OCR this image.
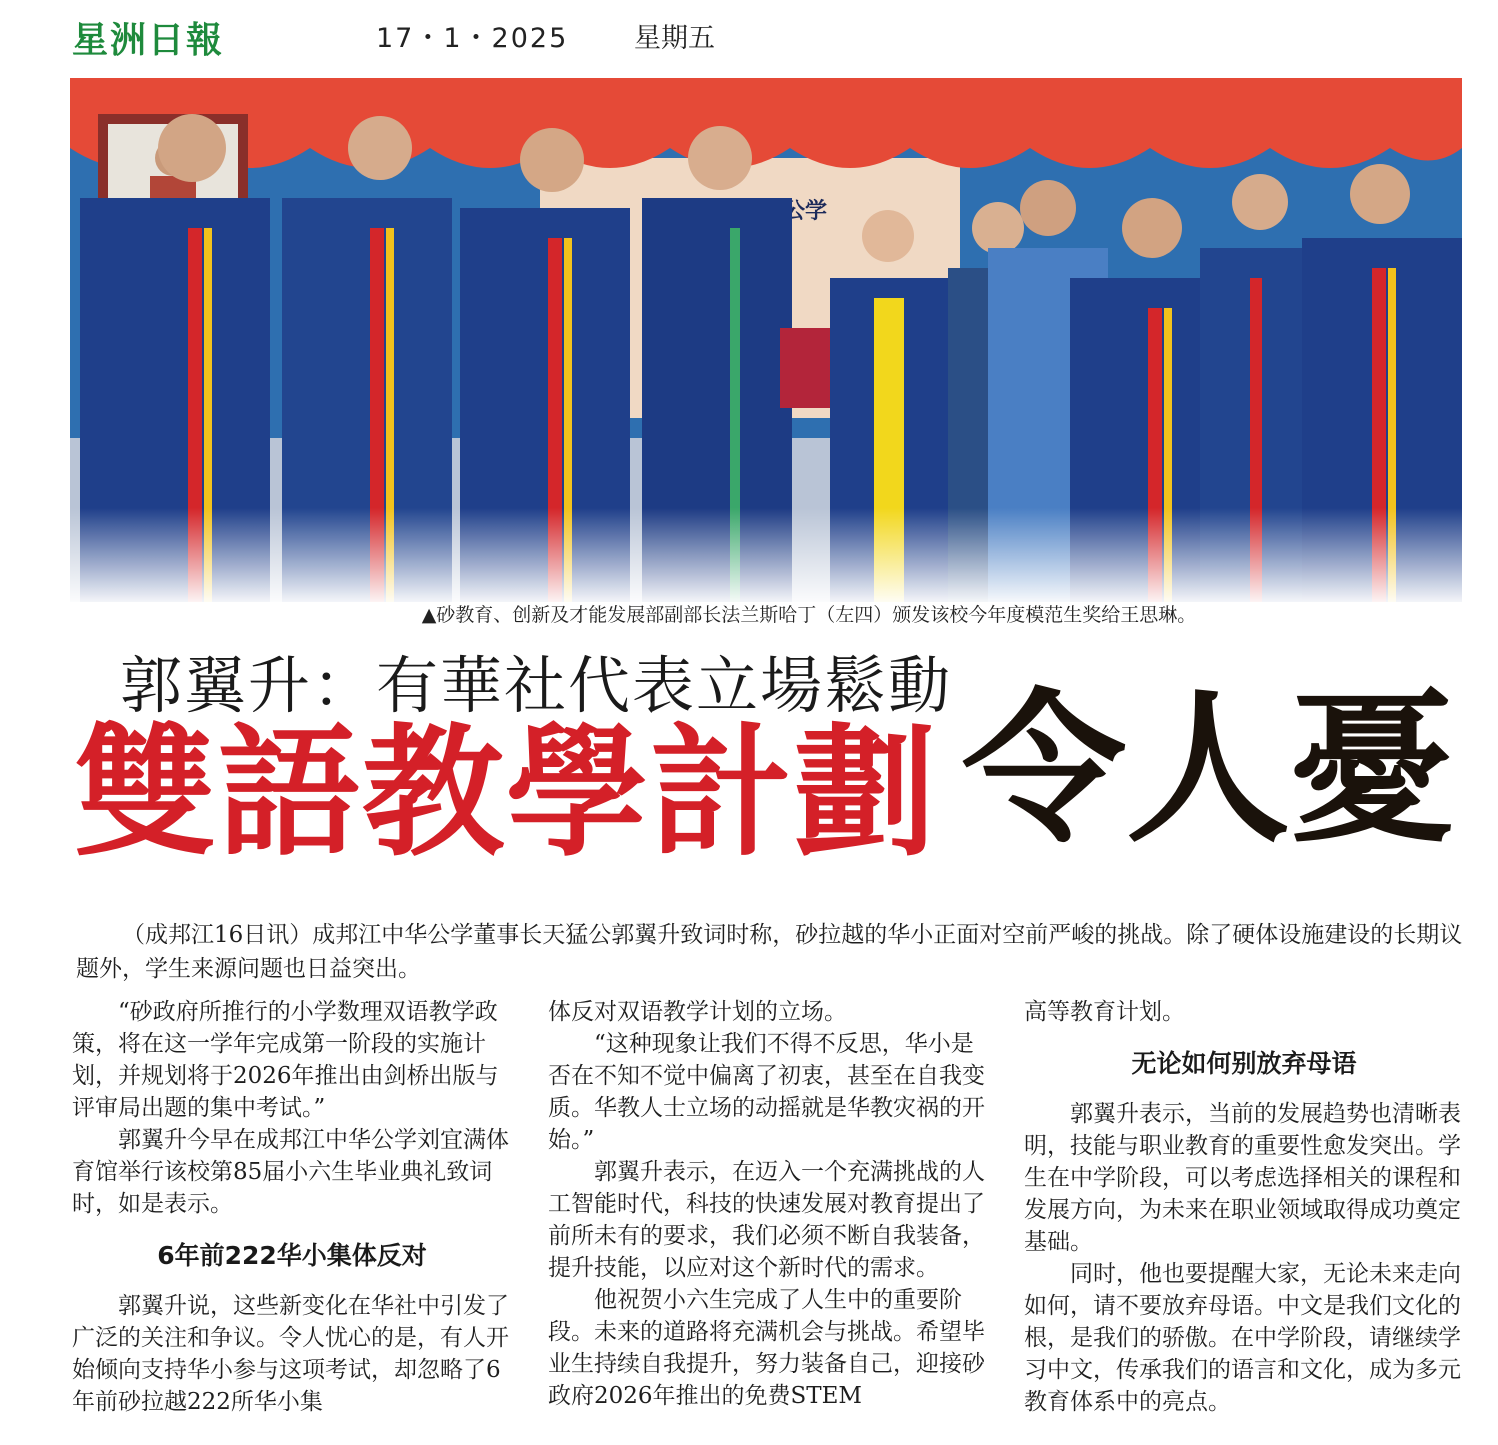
星洲日報	17・1・2025 星期五
▲砂教育、创新及才能发展部副部长法兰斯哈丁（左四）颁发该校今年度模范生奖给王思琳。
郭翼升：有華社代表立場鬆動
雙語教學計劃 令人憂

（成邦江16日讯）成邦江中华公学董事长天猛公郭翼升致词时称，砂拉越的华小正面对空前严峻的挑战。除了硬体设施建设的长期议题外，学生来源问题也日益突出。

“砂政府所推行的小学数理双语教学政策，将在这一学年完成第一阶段的实施计划，并规划将于2026年推出由剑桥出版与评审局出题的集中考试。”

郭翼升今早在成邦江中华公学刘宜满体育馆举行该校第85届小六生毕业典礼致词时，如是表示。

6年前222华小集体反对

郭翼升说，这些新变化在华社中引发了广泛的关注和争议。令人忧心的是，有人开始倾向支持华小参与这项考试，却忽略了6年前砂拉越222所华小集

体反对双语教学计划的立场。

“这种现象让我们不得不反思，华小是否在不知不觉中偏离了初衷，甚至在自我变质。华教人士立场的动摇就是华教灾祸的开始。”

郭翼升表示，在迈入一个充满挑战的人工智能时代，科技的快速发展对教育提出了前所未有的要求，我们必须不断自我装备，提升技能，以应对这个新时代的需求。

他祝贺小六生完成了人生中的重要阶段。未来的道路将充满机会与挑战。希望毕业生持续自我提升，努力装备自己，迎接砂政府2026年推出的免费STEM

高等教育计划。

无论如何别放弃母语

郭翼升表示，当前的发展趋势也清晰表明，技能与职业教育的重要性愈发突出。学生在中学阶段，可以考虑选择相关的课程和发展方向，为未来在职业领域取得成功奠定基础。

同时，他也要提醒大家，无论未来走向如何，请不要放弃母语。中文是我们文化的根，是我们的骄傲。在中学阶段，请继续学习中文，传承我们的语言和文化，成为多元教育体系中的亮点。
